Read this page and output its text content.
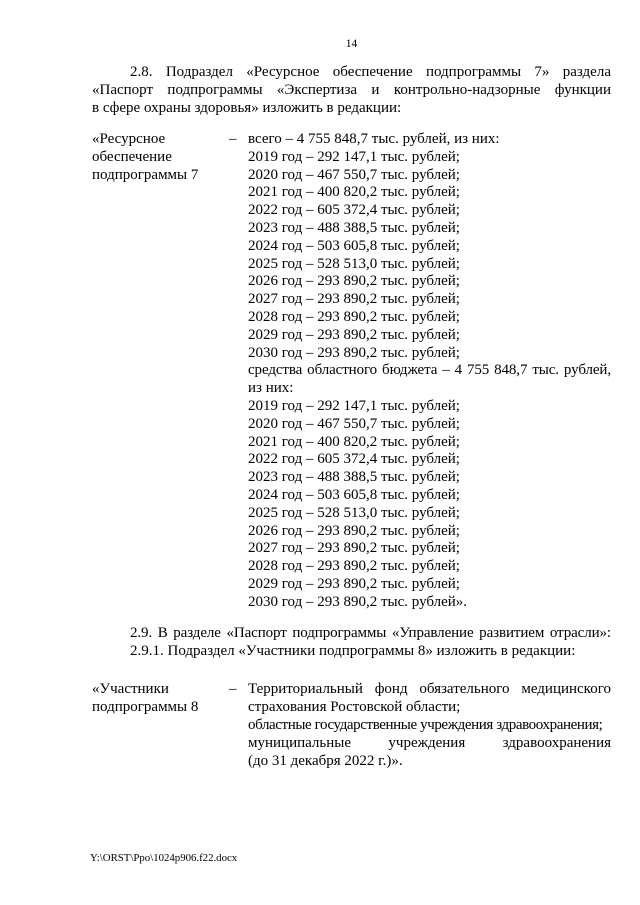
14
2.8. Подраздел «Ресурсное обеспечение подпрограммы 7» раздела
«Паспорт подпрограммы «Экспертиза и контрольно-надзорные функции
в сфере охраны здоровья» изложить в редакции:
«Ресурсное
обеспечение
подпрограммы 7
– всего – 4 755 848,7 тыс. рублей, из них:
2019 год – 292 147,1 тыс. рублей;
2020 год – 467 550,7 тыс. рублей;
2021 год – 400 820,2 тыс. рублей;
2022 год – 605 372,4 тыс. рублей;
2023 год – 488 388,5 тыс. рублей;
2024 год – 503 605,8 тыс. рублей;
2025 год – 528 513,0 тыс. рублей;
2026 год – 293 890,2 тыс. рублей;
2027 год – 293 890,2 тыс. рублей;
2028 год – 293 890,2 тыс. рублей;
2029 год – 293 890,2 тыс. рублей;
2030 год – 293 890,2 тыс. рублей;
средства областного бюджета – 4 755 848,7 тыс. рублей,
из них:
2019 год – 292 147,1 тыс. рублей;
2020 год – 467 550,7 тыс. рублей;
2021 год – 400 820,2 тыс. рублей;
2022 год – 605 372,4 тыс. рублей;
2023 год – 488 388,5 тыс. рублей;
2024 год – 503 605,8 тыс. рублей;
2025 год – 528 513,0 тыс. рублей;
2026 год – 293 890,2 тыс. рублей;
2027 год – 293 890,2 тыс. рублей;
2028 год – 293 890,2 тыс. рублей;
2029 год – 293 890,2 тыс. рублей;
2030 год – 293 890,2 тыс. рублей».
2.9. В разделе «Паспорт подпрограммы «Управление развитием отрасли»:
2.9.1. Подраздел «Участники подпрограммы 8» изложить в редакции:
«Участники
подпрограммы 8
– Территориальный фонд обязательного медицинского
страхования Ростовской области;
областные государственные учреждения здравоохранения;
муниципальные учреждения здравоохранения
(до 31 декабря 2022 г.)».
Y:\ORST\Ppo\1024p906.f22.docx
